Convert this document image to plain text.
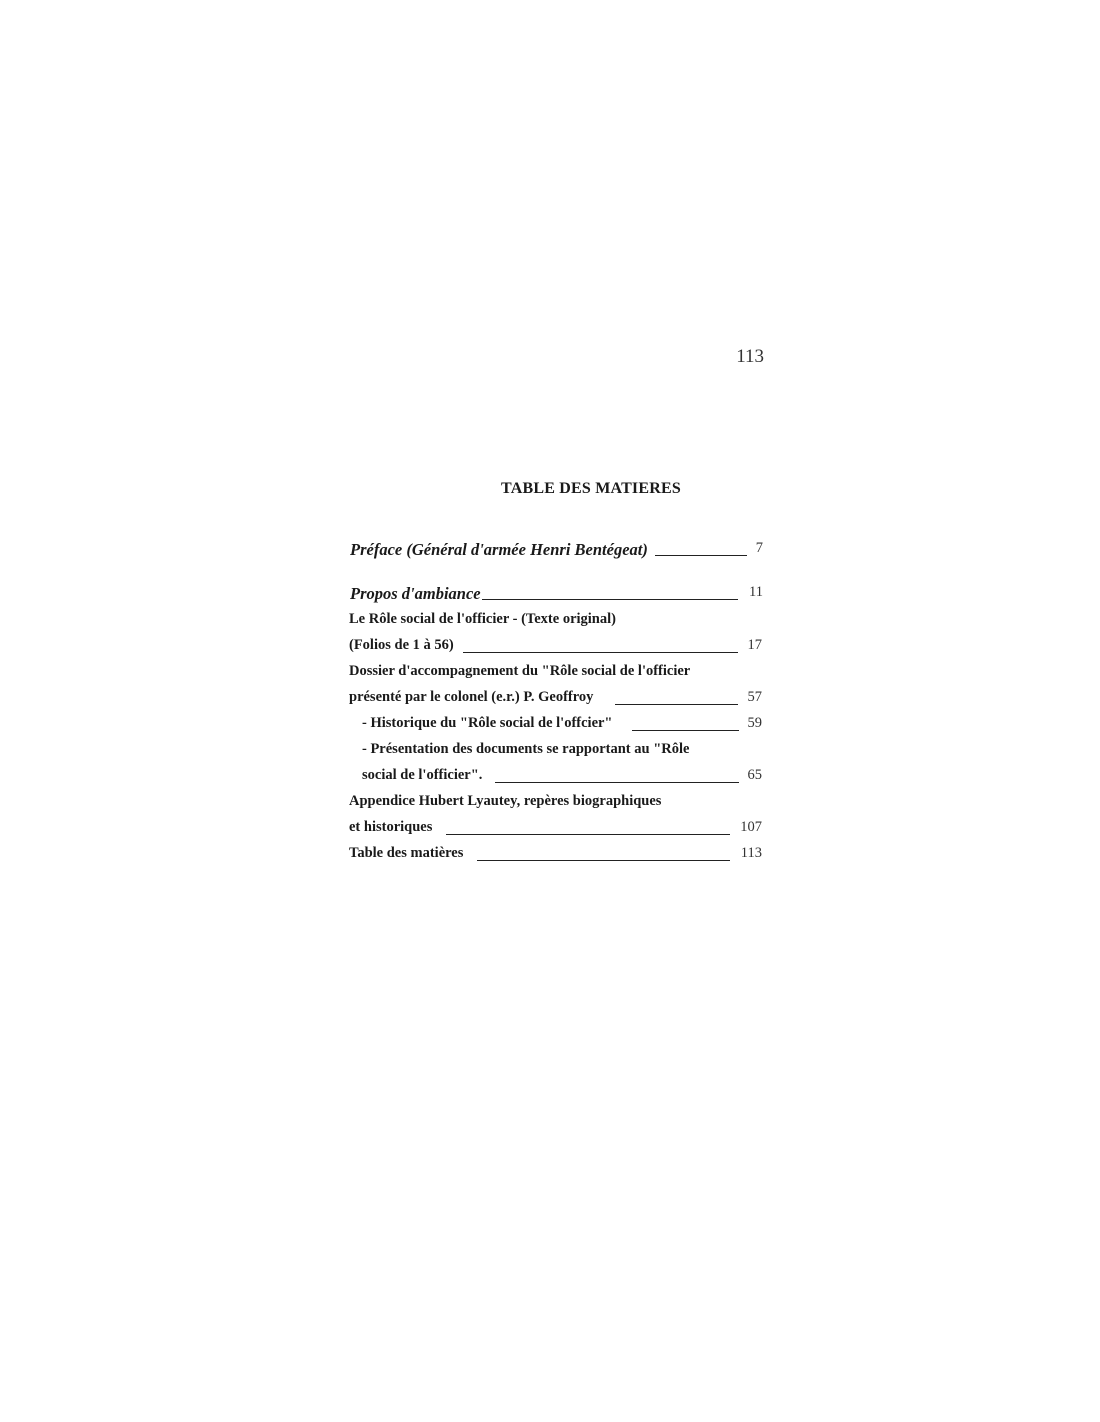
113
TABLE DES MATIERES
Préface (Général d'armée Henri Bentégeat)	7
Propos d'ambiance	11
Le Rôle social de l'officier - (Texte original)
(Folios de 1 à 56)	17
Dossier d'accompagnement du "Rôle social de l'officier
présenté par le colonel (e.r.) P. Geoffroy	57
- Historique du "Rôle social de l'offcier"	59
- Présentation des documents se rapportant au "Rôle
social de l'officier".	65
Appendice Hubert Lyautey, repères biographiques
et historiques	107
Table des matières	113
